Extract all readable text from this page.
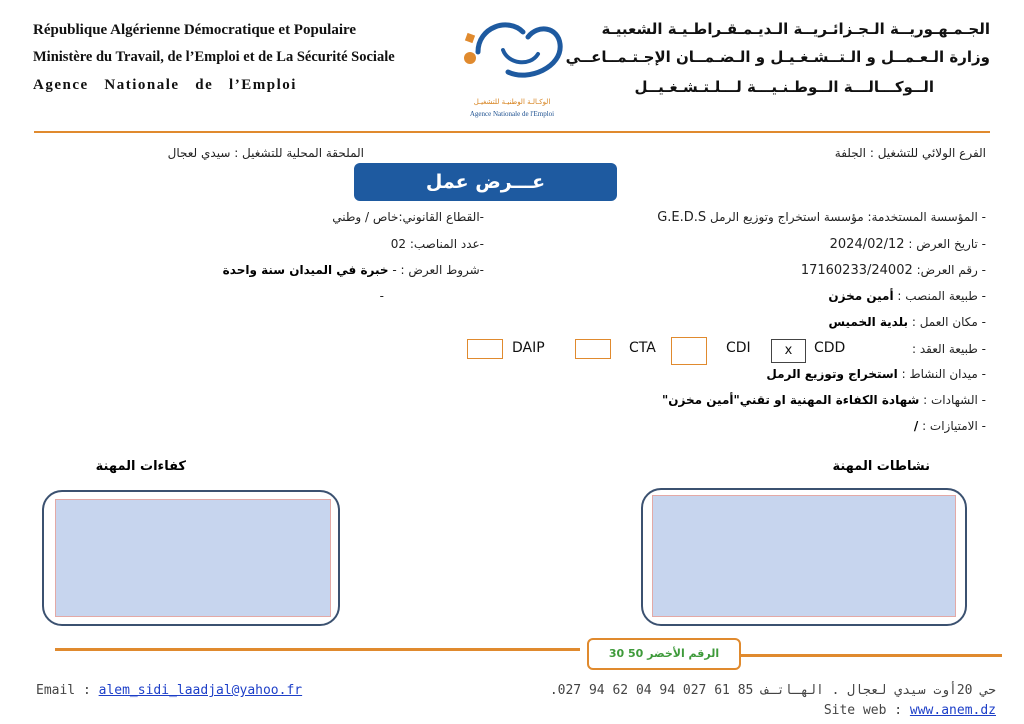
République Algérienne Démocratique et Populaire
Ministère du Travail, de l’Emploi et de La Sécurité Sociale
Agence   Nationale   de   l’Emploi
الوكـالـة الوطنيـة للتشغيـل
Agence Nationale de l'Emploi
الجـمـهـوريــة الـجـزائـريــة الـديـمـقـراطـيـة الشعبيـة
وزارة الـعـمــل و الـتــشـغـيـل و الـضـمــان الإجـتـمــاعــي
الــوكـــالـــة الــوطـنـيـــة لـــلـتـشـغـيــل
الفرع الولائي للتشغيل : الجلفة
الملحقة المحلية للتشغيل : سيدي لعجال
عـــرض عمل
- المؤسسة المستخدمة: مؤسسة استخراج وتوزيع الرمل G.E.D.S
- تاريخ العرض : 2024/02/12
- رقم العرض: 17160233/24002
- طبيعة المنصب : أمين مخزن
- مكان العمل : بلدية الخميس
-القطاع القانوني:خاص / وطني
-عدد المناصب: 02
-شروط العرض : - خبرة في الميدان سنة واحدة
-
- طبيعة العقد :
CDD
x
CDI
CTA
DAIP
- ميدان النشاط : استخراج وتوزيع الرمل
- الشهادات : شهادة الكفاءة المهنية او تقني"أمين مخزن"
- الامتيازات : /
نشاطات المهنة
كفاءات المهنة
الرقم الأخضر 50 30
حي 20أوت سيدي لعجال . الهـاتـف 85 61 027 94 04 62 94 027.
Email : alem_sidi_laadjal@yahoo.fr
Site web : www.anem.dz
